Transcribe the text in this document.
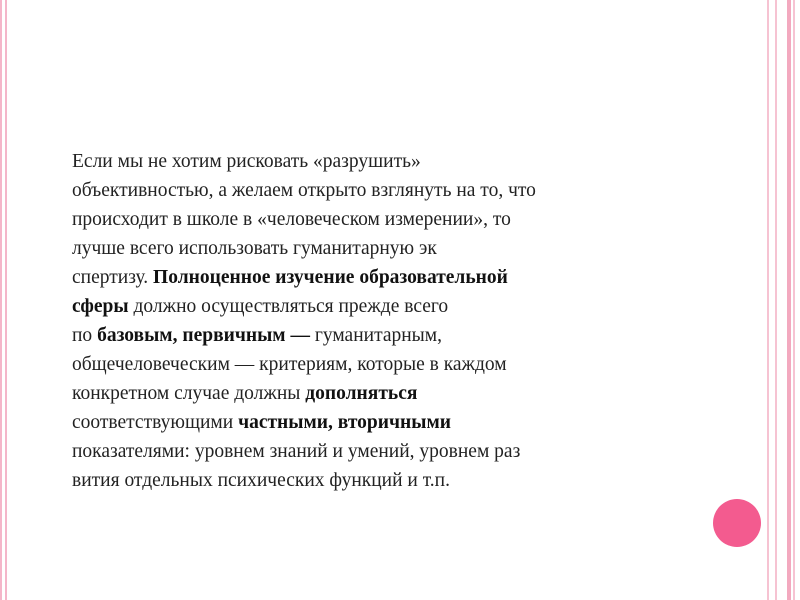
Если мы не хотим рисковать «разрушить»
объективностью, а желаем открыто взглянуть на то, что
происходит в школе в «человеческом измерении», то
лучше всего использовать гуманитарную эк
спертизу. Полноценное изучение образовательной
сферы должно осуществляться прежде всего
по базовым, первичным — гуманитарным,
общечеловеческим — критериям, которые в каждом
конкретном случае должны дополняться
соответствующими частными, вторичными
показателями: уровнем знаний и умений, уровнем раз
вития отдельных психических функций и т.п.
